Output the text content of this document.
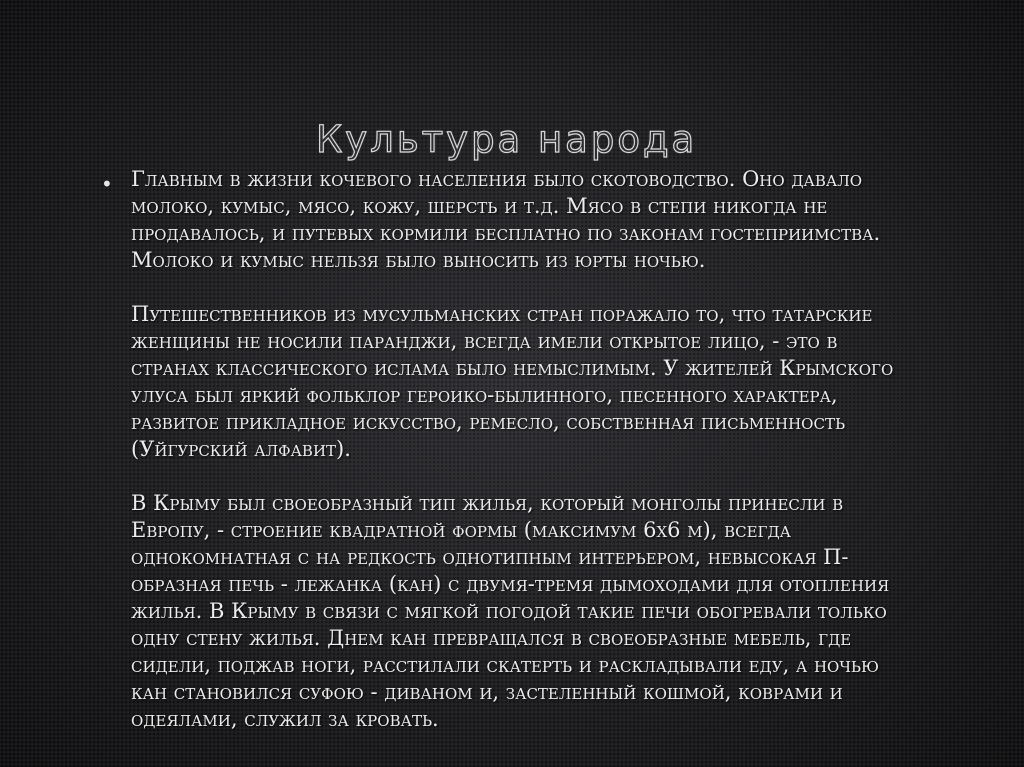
Культура народа
• Главным в жизни кочевого населения было скотоводство. Оно давало
молоко, кумыс, мясо, кожу, шерсть и т.д. Мясо в степи никогда не
продавалось, и путевых кормили бесплатно по законам гостеприимства.
Молоко и кумыс нельзя было выносить из юрты ночью.
Путешественников из мусульманских стран поражало то, что татарские
женщины не носили паранджи, всегда имели открытое лицо, - это в
странах классического ислама было немыслимым. У жителей Крымского
улуса был яркий фольклор героико-былинного, песенного характера,
развитое прикладное искусство, ремесло, собственная письменность
(Уйгурский алфавит).
В Крыму был своеобразный тип жилья, который монголы принесли в
Европу, - строение квадратной формы (максимум 6х6 м), всегда
однокомнатная с на редкость однотипным интерьером, невысокая П-
образная печь - лежанка (кан) с двумя-тремя дымоходами для отопления
жилья. В Крыму в связи с мягкой погодой такие печи обогревали только
одну стену жилья. Днем кан превращался в своеобразные мебель, где
сидели, поджав ноги, расстилали скатерть и раскладывали еду, а ночью
кан становился суфою - диваном и, застеленный кошмой, коврами и
одеялами, служил за кровать.
